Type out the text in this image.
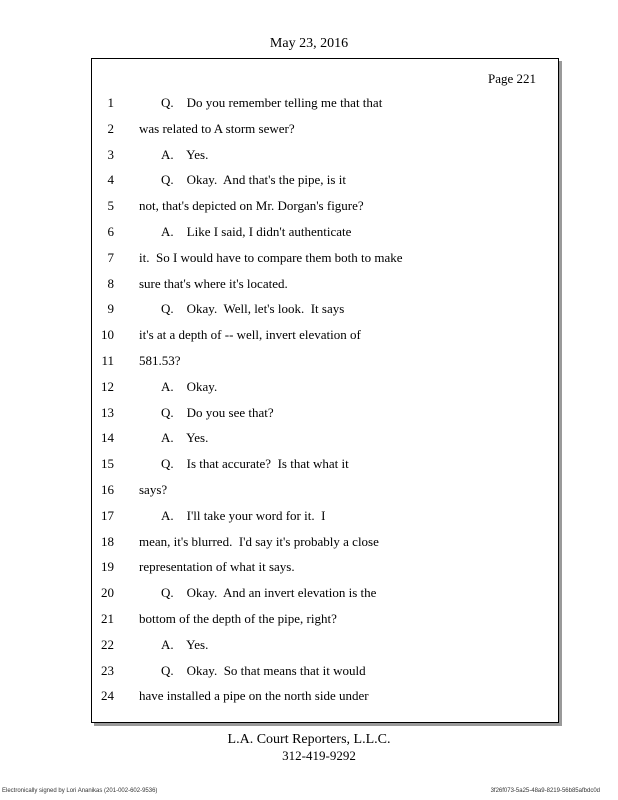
May 23, 2016
Page 221
1	Q.    Do you remember telling me that that
2 was related to A storm sewer?
3	A.    Yes.
4	Q.    Okay.  And that's the pipe, is it
5 not, that's depicted on Mr. Dorgan's figure?
6	A.    Like I said, I didn't authenticate
7 it.  So I would have to compare them both to make
8 sure that's where it's located.
9	Q.    Okay.  Well, let's look.  It says
10 it's at a depth of -- well, invert elevation of
11 581.53?
12	A.    Okay.
13	Q.    Do you see that?
14	A.    Yes.
15	Q.    Is that accurate?  Is that what it
16 says?
17	A.    I'll take your word for it.  I
18 mean, it's blurred.  I'd say it's probably a close
19 representation of what it says.
20	Q.    Okay.  And an invert elevation is the
21 bottom of the depth of the pipe, right?
22	A.    Yes.
23	Q.    Okay.  So that means that it would
24 have installed a pipe on the north side under
L.A. Court Reporters, L.L.C.
312-419-9292
Electronically signed by Lori Ananikas (201-002-602-9536)	3f26f073-5a25-48a9-8219-56b85afbdc0d
